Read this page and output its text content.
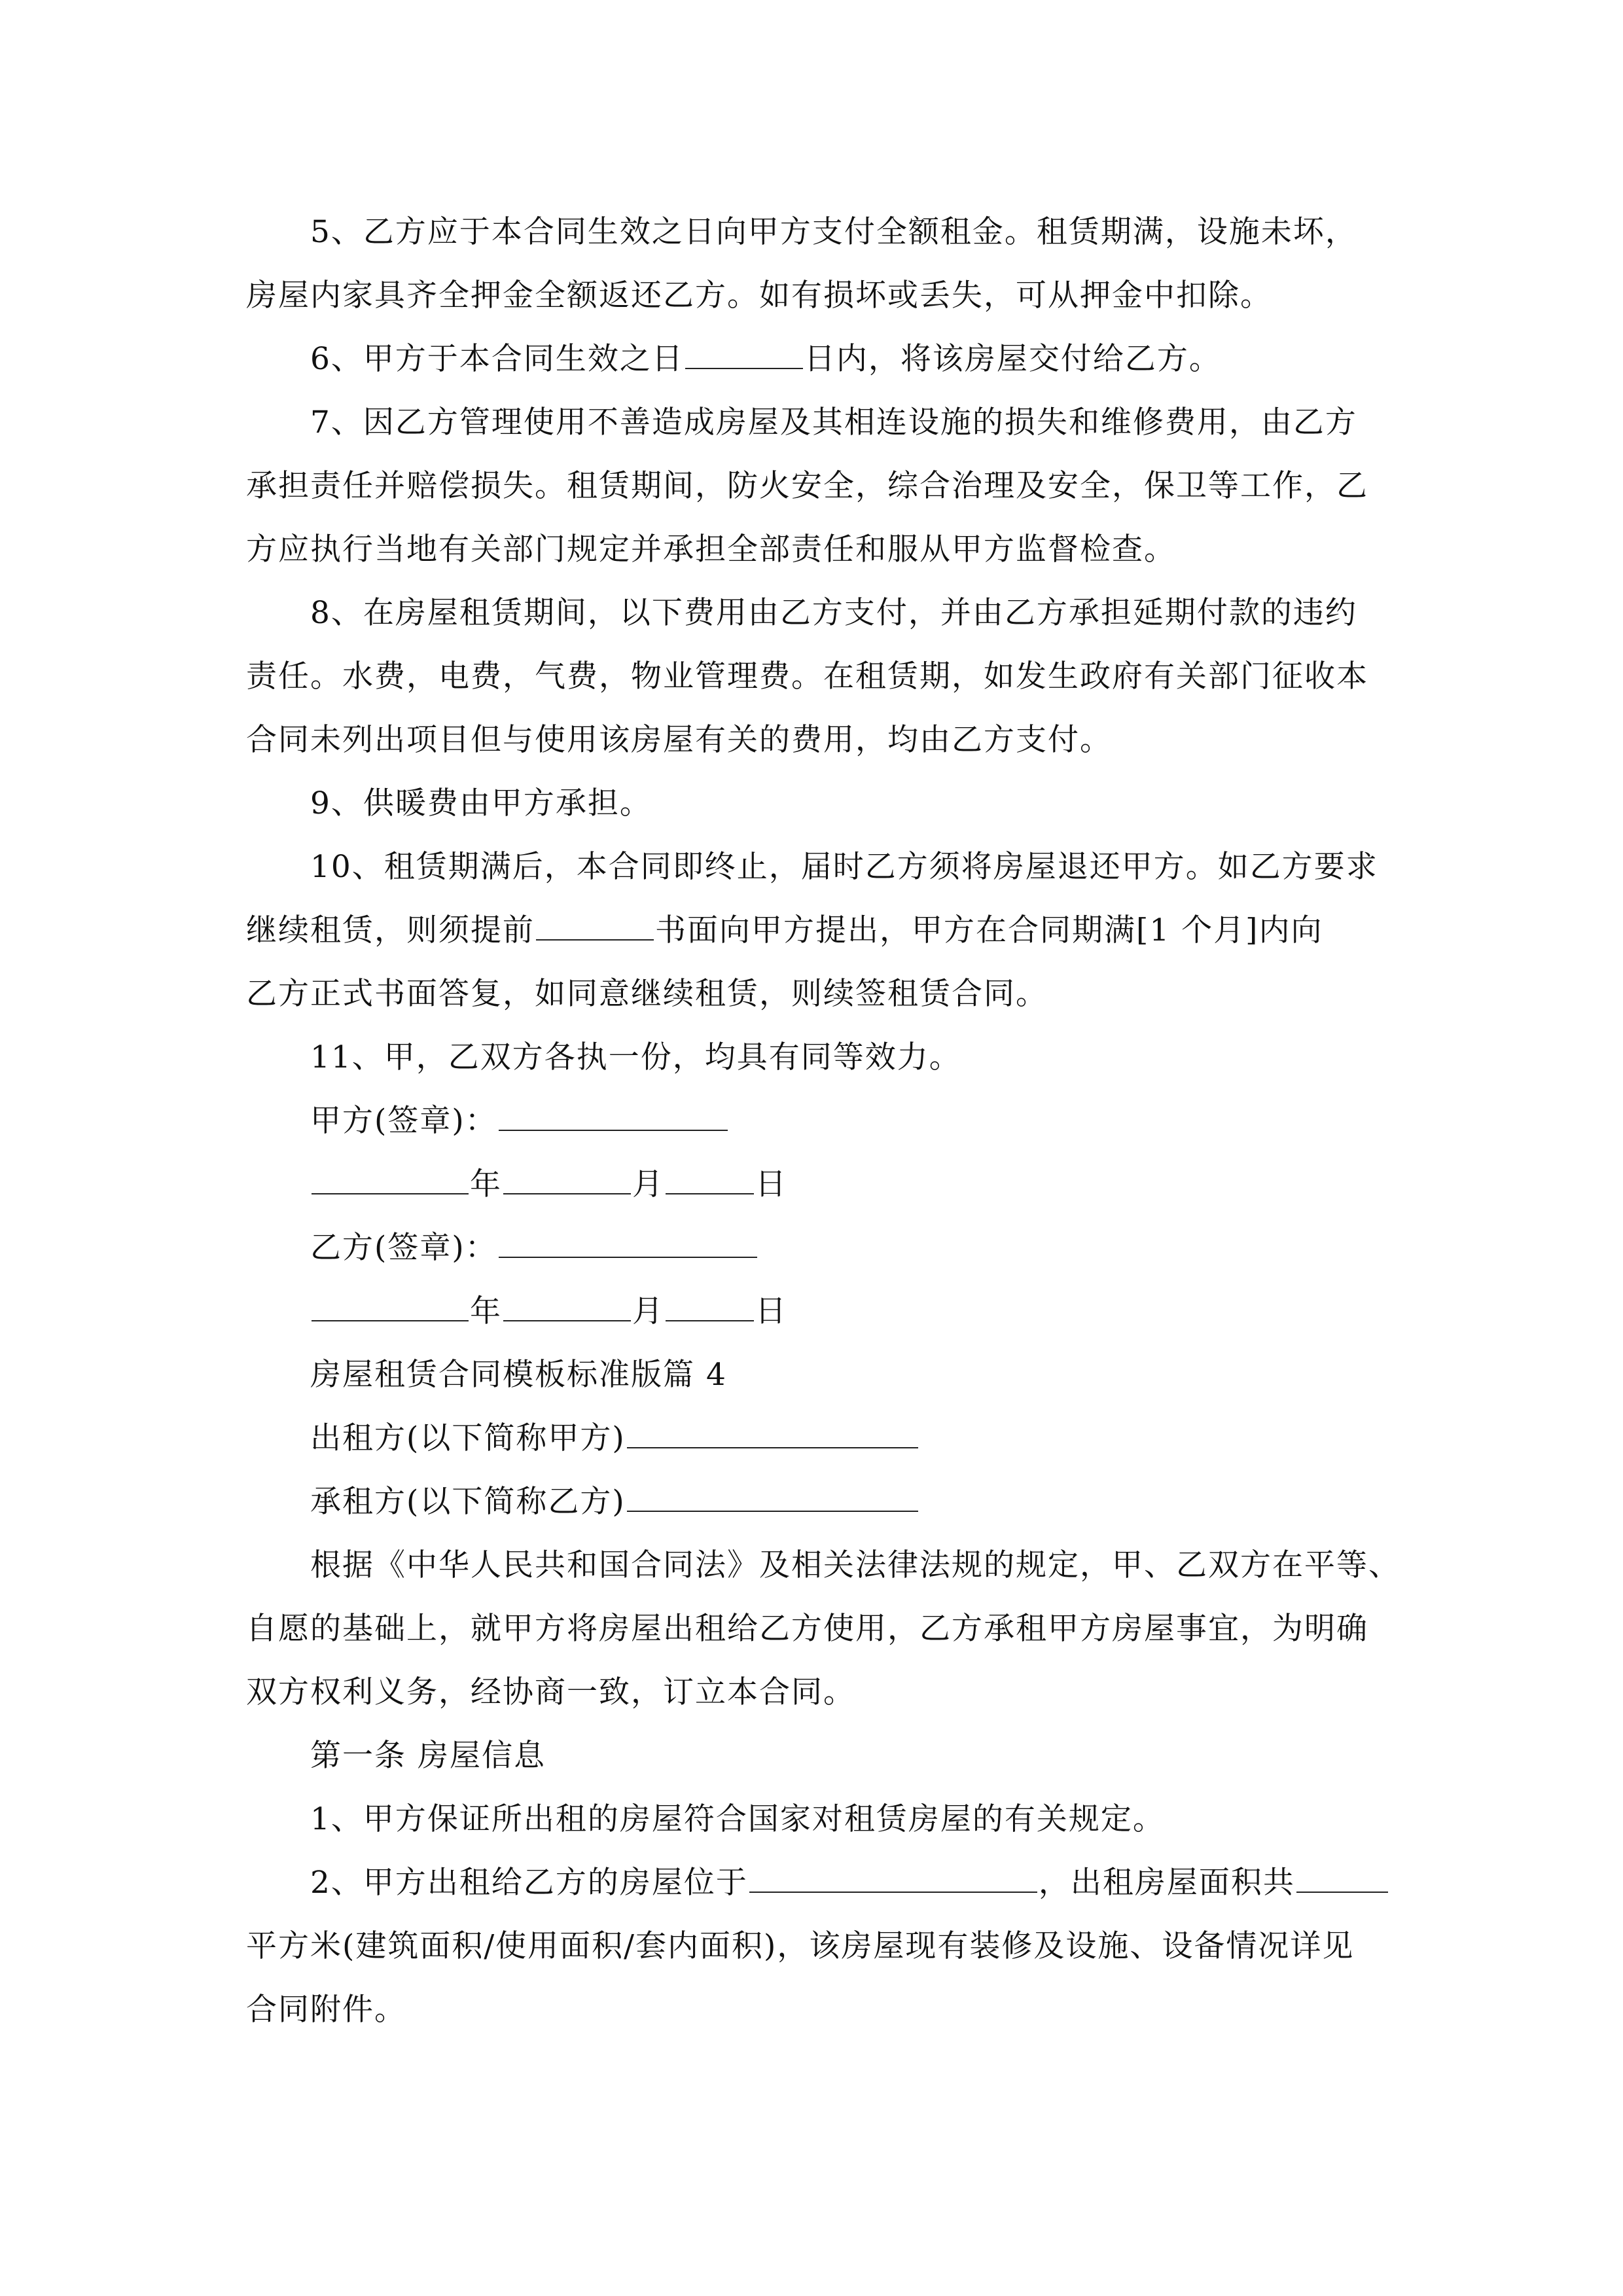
5、乙方应于本合同生效之日向甲方支付全额租金。租赁期满，设施未坏，
房屋内家具齐全押金全额返还乙方。如有损坏或丢失，可从押金中扣除。
6、甲方于本合同生效之日	日内，将该房屋交付给乙方。
7、因乙方管理使用不善造成房屋及其相连设施的损失和维修费用，由乙方
承担责任并赔偿损失。租赁期间，防火安全，综合治理及安全，保卫等工作，乙
方应执行当地有关部门规定并承担全部责任和服从甲方监督检查。
8、在房屋租赁期间，以下费用由乙方支付，并由乙方承担延期付款的违约
责任。水费，电费，气费，物业管理费。在租赁期，如发生政府有关部门征收本
合同未列出项目但与使用该房屋有关的费用，均由乙方支付。
9、供暖费由甲方承担。
10、租赁期满后，本合同即终止，届时乙方须将房屋退还甲方。如乙方要求
继续租赁，则须提前	书面向甲方提出，甲方在合同期满[1 个月]内向
乙方正式书面答复，如同意继续租赁，则续签租赁合同。
11、甲，乙双方各执一份，均具有同等效力。
甲方(签章)：
年	月	日
乙方(签章)：
年	月	日
房屋租赁合同模板标准版篇 4
出租方(以下简称甲方)
承租方(以下简称乙方)
根据《中华人民共和国合同法》及相关法律法规的规定，甲、乙双方在平等、
自愿的基础上，就甲方将房屋出租给乙方使用，乙方承租甲方房屋事宜，为明确
双方权利义务，经协商一致，订立本合同。
第一条 房屋信息
1、甲方保证所出租的房屋符合国家对租赁房屋的有关规定。
2、甲方出租给乙方的房屋位于	，出租房屋面积共
平方米(建筑面积/使用面积/套内面积)，该房屋现有装修及设施、设备情况详见
合同附件。
